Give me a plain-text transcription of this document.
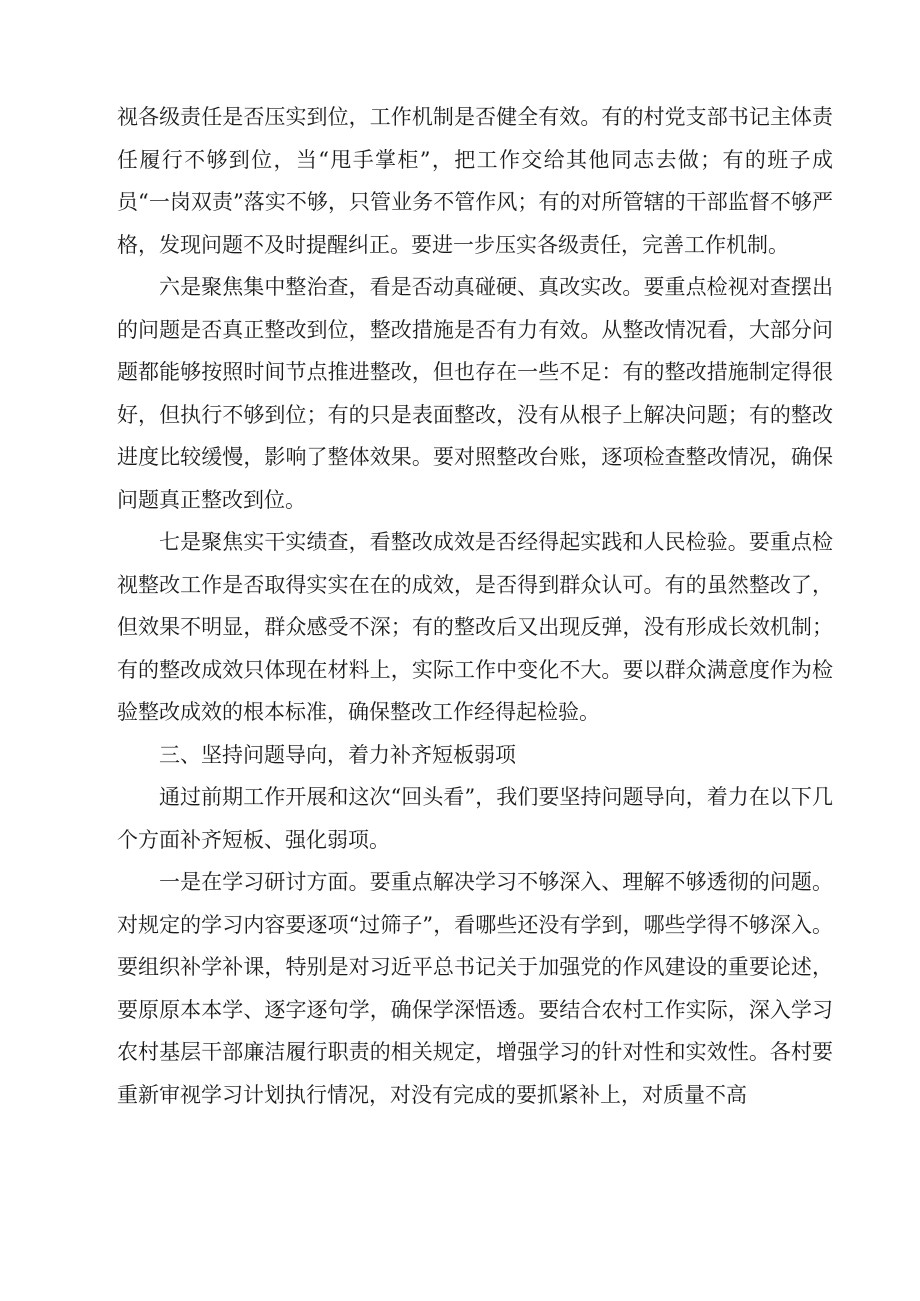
视各级责任是否压实到位，工作机制是否健全有效。有的村党支部书记主体责任履行不够到位，当“甩手掌柜”，把工作交给其他同志去做；有的班子成员“一岗双责”落实不够，只管业务不管作风；有的对所管辖的干部监督不够严格，发现问题不及时提醒纠正。要进一步压实各级责任，完善工作机制。

六是聚焦集中整治查，看是否动真碰硬、真改实改。要重点检视对查摆出的问题是否真正整改到位，整改措施是否有力有效。从整改情况看，大部分问题都能够按照时间节点推进整改，但也存在一些不足：有的整改措施制定得很好，但执行不够到位；有的只是表面整改，没有从根子上解决问题；有的整改进度比较缓慢，影响了整体效果。要对照整改台账，逐项检查整改情况，确保问题真正整改到位。

七是聚焦实干实绩查，看整改成效是否经得起实践和人民检验。要重点检视整改工作是否取得实实在在的成效，是否得到群众认可。有的虽然整改了，但效果不明显，群众感受不深；有的整改后又出现反弹，没有形成长效机制；有的整改成效只体现在材料上，实际工作中变化不大。要以群众满意度作为检验整改成效的根本标准，确保整改工作经得起检验。

三、坚持问题导向，着力补齐短板弱项

通过前期工作开展和这次“回头看”，我们要坚持问题导向，着力在以下几个方面补齐短板、强化弱项。

一是在学习研讨方面。要重点解决学习不够深入、理解不够透彻的问题。对规定的学习内容要逐项“过筛子”，看哪些还没有学到，哪些学得不够深入。要组织补学补课，特别是对习近平总书记关于加强党的作风建设的重要论述，要原原本本学、逐字逐句学，确保学深悟透。要结合农村工作实际，深入学习农村基层干部廉洁履行职责的相关规定，增强学习的针对性和实效性。各村要重新审视学习计划执行情况，对没有完成的要抓紧补上，对质量不高
